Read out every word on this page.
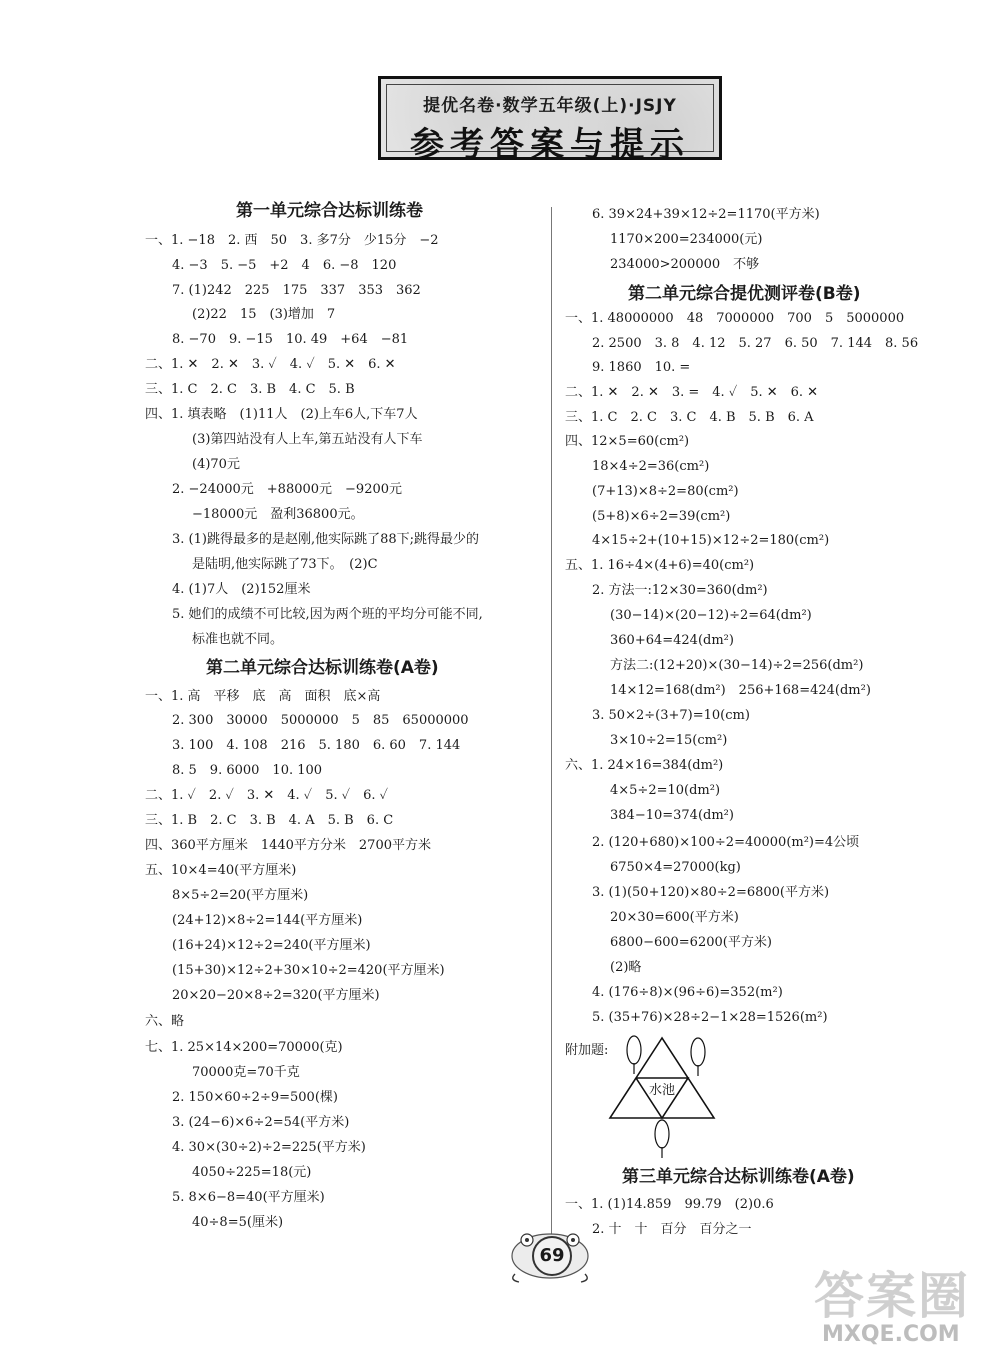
提优名卷·数学五年级(上)·JSJY
参考答案与提示
第一单元综合达标训练卷
一、1. −18　2. 西　50　3. 多7分　少15分　−2
4. −3　5. −5　+2　4　6. −8　120
7. (1)242　225　175　337　353　362
(2)22　15　(3)增加　7
8. −70　9. −15　10. 49　+64　−81
二、1. ✕　2. ✕　3. ✓　4. ✓　5. ✕　6. ✕
三、1. C　2. C　3. B　4. C　5. B
四、1. 填表略　(1)11人　(2)上车6人,下车7人
(3)第四站没有人上车,第五站没有人下车
(4)70元
2. −24000元　+88000元　−9200元
−18000元　盈利36800元。
3. (1)跳得最多的是赵刚,他实际跳了88下;跳得最少的
是陆明,他实际跳了73下。　(2)C
4. (1)7人　(2)152厘米
5. 她们的成绩不可比较,因为两个班的平均分可能不同,
标准也就不同。
第二单元综合达标训练卷(A卷)
一、1. 高　平移　底　高　面积　底×高
2. 300　30000　5000000　5　85　65000000
3. 100　4. 108　216　5. 180　6. 60　7. 144
8. 5　9. 6000　10. 100
二、1. ✓　2. ✓　3. ✕　4. ✓　5. ✓　6. ✓
三、1. B　2. C　3. B　4. A　5. B　6. C
四、360平方厘米　1440平方分米　2700平方米
五、10×4=40(平方厘米)
8×5÷2=20(平方厘米)
(24+12)×8÷2=144(平方厘米)
(16+24)×12÷2=240(平方厘米)
(15+30)×12÷2+30×10÷2=420(平方厘米)
20×20−20×8÷2=320(平方厘米)
六、略
七、1. 25×14×200=70000(克)
70000克=70千克
2. 150×60÷2÷9=500(棵)
3. (24−6)×6÷2=54(平方米)
4. 30×(30÷2)÷2=225(平方米)
4050÷225=18(元)
5. 8×6−8=40(平方厘米)
40÷8=5(厘米)
6. 39×24+39×12÷2=1170(平方米)
1170×200=234000(元)
234000>200000　不够
第二单元综合提优测评卷(B卷)
一、1. 48000000　48　7000000　700　5　5000000
2. 2500　3. 8　4. 12　5. 27　6. 50　7. 144　8. 56
9. 1860　10. =
二、1. ✕　2. ✕　3. =　4. ✓　5. ✕　6. ✕
三、1. C　2. C　3. C　4. B　5. B　6. A
四、12×5=60(cm²)
18×4÷2=36(cm²)
(7+13)×8÷2=80(cm²)
(5+8)×6÷2=39(cm²)
4×15÷2+(10+15)×12÷2=180(cm²)
五、1. 16÷4×(4+6)=40(cm²)
2. 方法一:12×30=360(dm²)
(30−14)×(20−12)÷2=64(dm²)
360+64=424(dm²)
方法二:(12+20)×(30−14)÷2=256(dm²)
14×12=168(dm²)　256+168=424(dm²)
3. 50×2÷(3+7)=10(cm)
3×10÷2=15(cm²)
六、1. 24×16=384(dm²)
4×5÷2=10(dm²)
384−10=374(dm²)
2. (120+680)×100÷2=40000(m²)=4公顷
6750×4=27000(kg)
3. (1)(50+120)×80÷2=6800(平方米)
20×30=600(平方米)
6800−600=6200(平方米)
(2)略
4. (176÷8)×(96÷6)=352(m²)
5. (35+76)×28÷2−1×28=1526(m²)
附加题:
水池
第三单元综合达标训练卷(A卷)
一、1. (1)14.859　99.79　(2)0.6
2. 十　十　百分　百分之一
69
答案圈
MXQE.COM
